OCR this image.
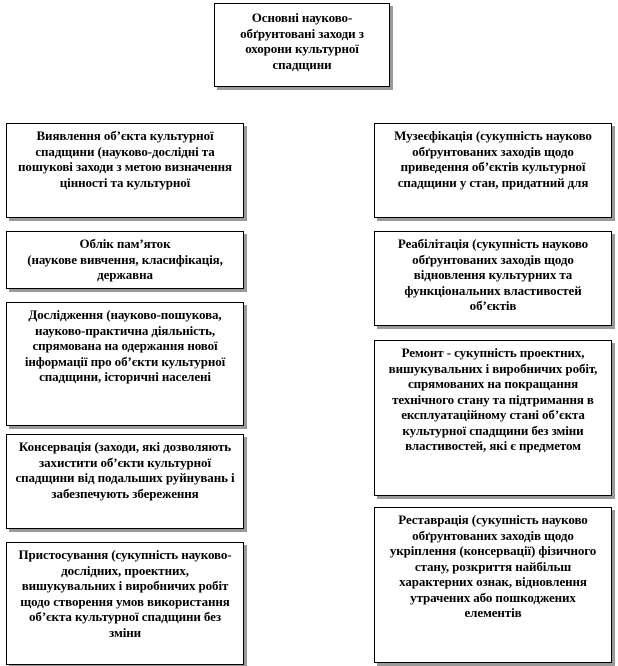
Основні науково-обґрунтовані заходи з охорони культурної спадщини
Виявлення об’єкта культурної спадщини (науково-дослідні та пошукові заходи з метою визначення цінності та культурної
Облік пам’яток
(наукове вивчення, класифікація, державна
Дослідження (науково-пошукова, науково-практична діяльність, спрямована на одержання нової інформації про об’єкти культурної спадщини, історичні населені
Консервація (заходи, які дозволяють захистити об’єкти культурної спадщини від подальших руйнувань і забезпечують збереження
Пристосування (сукупність науково-дослідних, проектних, вишукувальних і виробничих робіт щодо створення умов використання об’єкта культурної спадщини без зміни
Музеєфікація (сукупність науково обґрунтованих заходів щодо приведення об’єктів культурної спадщини у стан, придатний для
Реабілітація (сукупність науково обґрунтованих заходів щодо відновлення культурних та функціональних властивостей об’єктів
Ремонт - сукупність проектних, вишукувальних і виробничих робіт, спрямованих на покращання технічного стану та підтримання в експлуатаційному стані об’єкта культурної спадщини без зміни властивостей, які є предметом
Реставрація (сукупність науково обґрунтованих заходів щодо укріплення (консервації) фізичного стану, розкриття найбільш характерних ознак, відновлення утрачених або пошкоджених елементів
